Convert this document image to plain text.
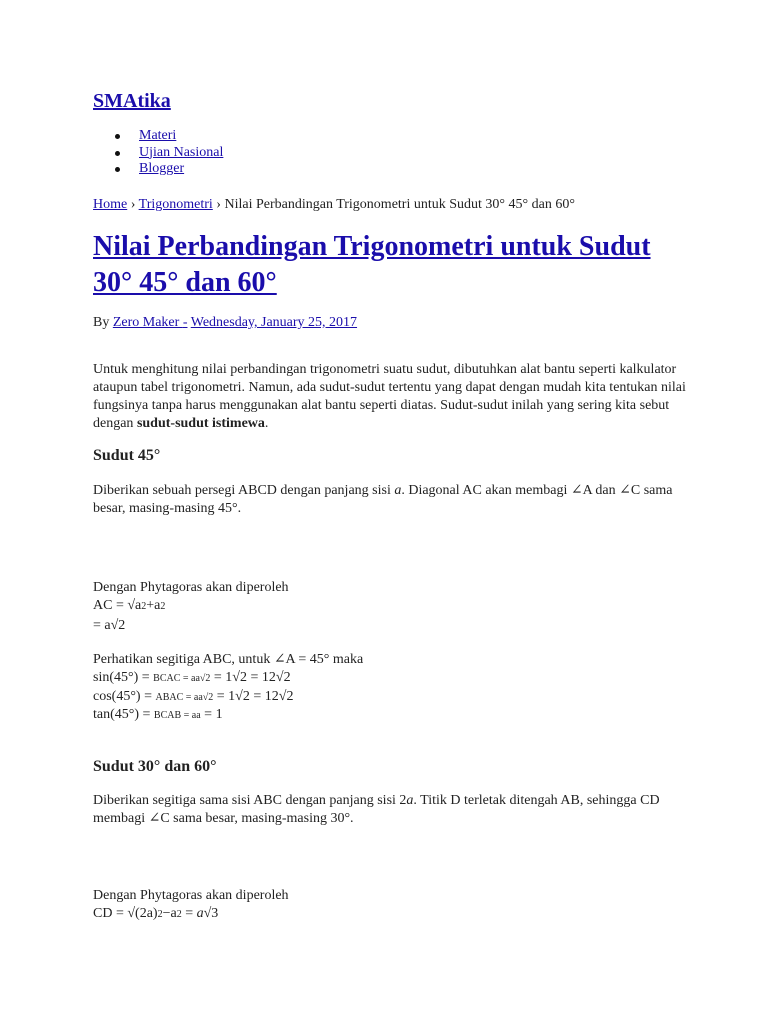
SMAtika
Materi
Ujian Nasional
Blogger
Home › Trigonometri › Nilai Perbandingan Trigonometri untuk Sudut 30° 45° dan 60°
Nilai Perbandingan Trigonometri untuk Sudut 30° 45° dan 60°
By Zero Maker - Wednesday, January 25, 2017

Untuk menghitung nilai perbandingan trigonometri suatu sudut, dibutuhkan alat bantu seperti kalkulator ataupun tabel trigonometri. Namun, ada sudut-sudut tertentu yang dapat dengan mudah kita tentukan nilai fungsinya tanpa harus menggunakan alat bantu seperti diatas. Sudut-sudut inilah yang sering kita sebut dengan sudut-sudut istimewa.

Sudut 45°

Diberikan sebuah persegi ABCD dengan panjang sisi a. Diagonal AC akan membagi ∠A dan ∠C sama besar, masing-masing 45°.

Dengan Phytagoras akan diperoleh
AC = √a2+a2
= a√2
Perhatikan segitiga ABC, untuk ∠A = 45° maka
sin(45°) = BCAC = aa√2 = 1√2 = 12√2
cos(45°) = ABAC = aa√2 = 1√2 = 12√2
tan(45°) = BCAB = aa = 1
Sudut 30° dan 60°

Diberikan segitiga sama sisi ABC dengan panjang sisi 2a. Titik D terletak ditengah AB, sehingga CD membagi ∠C sama besar, masing-masing 30°.

Dengan Phytagoras akan diperoleh
CD = √(2a)2−a2 = a√3
